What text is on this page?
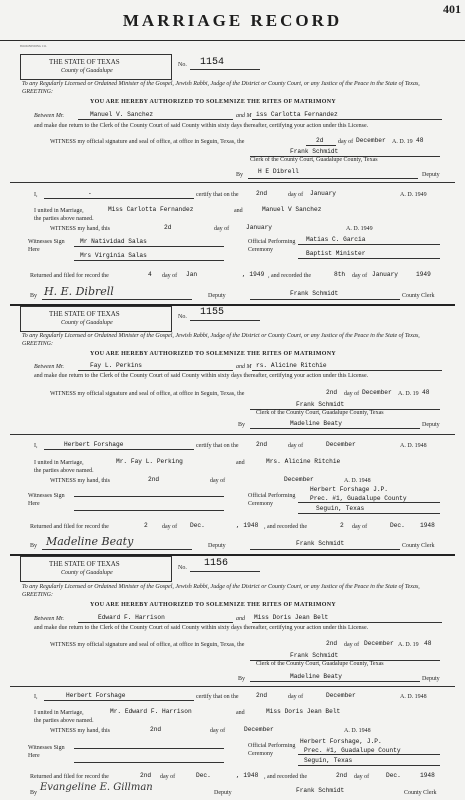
MARRIAGE RECORD
401
BOOKBINDING CO.
THE STATE OF TEXAS
County of Guadalupe
No. 1154
To any Regularly Licensed or Ordained Minister of the Gospel, Jewish Rabbi, Judge of the District or County Court, or any Justice of the Peace in the State of Texas, GREETING:
YOU ARE HEREBY AUTHORIZED TO SOLEMNIZE THE RITES OF MATRIMONY
Between Mr.	Manuel V. Sanchez	and M iss Carlotta Fernandez
and make due return to the Clerk of the County Court of said County within sixty days thereafter, certifying your action under this License.
WITNESS my official signature and seal of office, at office in Seguin, Texas, the	2d day of December A. D. 19 48
Frank Schmidt
Clerk of the County Court, Guadalupe County, Texas
By H E Dibrell	Deputy
I,	-	certify that on the	2nd	day of January	A. D. 1949
I united in Marriage,	Miss Carlotta Fernandez	and	Manuel V Sanchez
the parties above named.
WITNESS my hand, this	2d	day of	January	A. D. 1949
Witnesses Sign Here
Mr Natividad Salas
Mrs Virginia Salas
Official Performing Ceremony
Matias C. Garcia
Baptist Minister
Returned and filed for record the	4 day of Jan	, 1949 , and recorded the	8th day of January	1949
By H. E. Dibrell	Deputy	Frank Schmidt	County Clerk
THE STATE OF TEXAS
County of Guadalupe
No. 1155
To any Regularly Licensed or Ordained Minister of the Gospel, Jewish Rabbi, Judge of the District or County Court, or any Justice of the Peace in the State of Texas, GREETING:
YOU ARE HEREBY AUTHORIZED TO SOLEMNIZE THE RITES OF MATRIMONY
Between Mr.	Fay L. Perkins	and M rs. Alicine Ritchie
and make due return to the Clerk of the County Court of said County within sixty days thereafter, certifying your action under this License.
WITNESS my official signature and seal of office, at office in Seguin, Texas, the	2nd day of December A. D. 19 48
Frank Schmidt
Clerk of the County Court, Guadalupe County, Texas
By	Madeline Beaty	Deputy
I,	Herbert Forshage	certify that on the	2nd	day of	December	A. D. 1948
I united in Marriage,	Mr. Fay L. Perking	and	Mrs. Alicine Ritchie
the parties above named.
WITNESS my hand, this	2nd	day of	December	A. D. 1948
Witnesses Sign Here
Official Performing Ceremony
Herbert Forshage J.P.
Prec. #1, Guadalupe County
Seguin, Texas
Returned and filed for record the	2 day of Dec.	, 1948 , and recorded the	2 day of	Dec. 1948
By Madeline Beaty	Deputy	Frank Schmidt	County Clerk
THE STATE OF TEXAS
County of Guadalupe
No. 1156
To any Regularly Licensed or Ordained Minister of the Gospel, Jewish Rabbi, Judge of the District or County Court, or any Justice of the Peace in the State of Texas, GREETING:
YOU ARE HEREBY AUTHORIZED TO SOLEMNIZE THE RITES OF MATRIMONY
Between Mr.	Edward F. Harrison	and Miss Doris Jean Belt
and make due return to the Clerk of the County Court of said County within sixty days thereafter, certifying your action under this License.
WITNESS my official signature and seal of office, at office in Seguin, Texas, the	2nd day of December A. D. 19 48
Frank Schmidt
Clerk of the County Court, Guadalupe County, Texas
By	Madeline Beaty	Deputy
I,	Herbert Forshage	certify that on the	2nd	day of	December	A. D. 1948
I united in Marriage,	Mr. Edward F. Harrison	and	Miss Doris Jean Belt
the parties above named.
WITNESS my hand, this	2nd	day of	December	A. D. 1948
Witnesses Sign Here
Official Performing Ceremony
Herbert Forshage, J.P.
Prec. #1, Guadalupe County
Seguin, Texas
Returned and filed for record the	2nd day of	Dec.	, 1948 , and recorded the	2nd day of	Dec.	1948
By Evangeline E. Gillman	Deputy	Frank Schmidt	County Clerk
